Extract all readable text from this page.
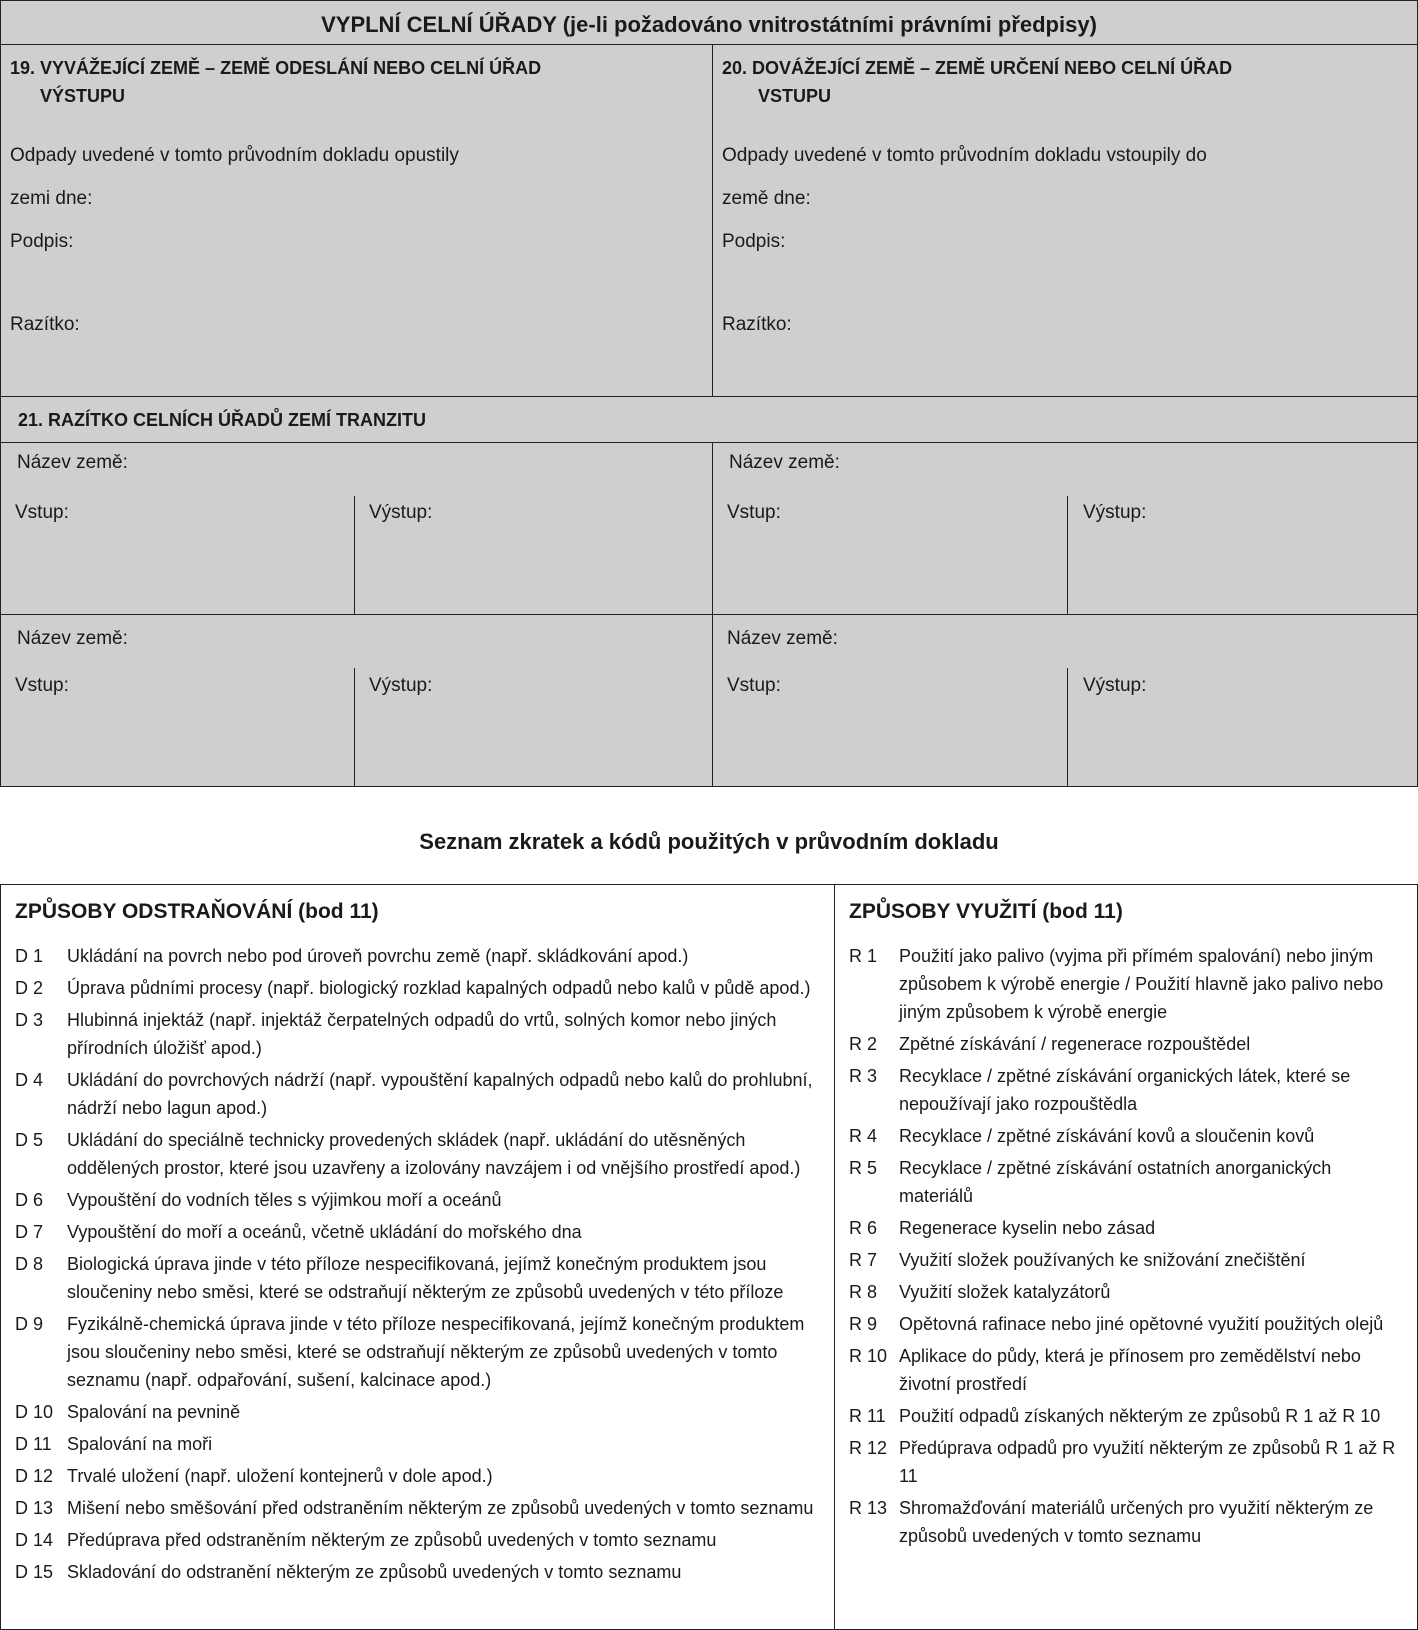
VYPLNÍ CELNÍ ÚŘADY (je-li požadováno vnitrostátními právními předpisy)
19. VYVÁŽEJÍCÍ ZEMĚ – ZEMĚ ODESLÁNÍ NEBO CELNÍ ÚŘAD
VÝSTUPU
Odpady uvedené v tomto průvodním dokladu opustily
zemi dne:
Podpis:
Razítko:
20. DOVÁŽEJÍCÍ ZEMĚ – ZEMĚ URČENÍ NEBO CELNÍ ÚŘAD
VSTUPU
Odpady uvedené v tomto průvodním dokladu vstoupily do
země dne:
Podpis:
Razítko:
21. RAZÍTKO CELNÍCH ÚŘADŮ ZEMÍ TRANZITU
Název země:
Vstup:	Výstup:
Název země:
Vstup:	Výstup:
Název země:
Vstup:	Výstup:
Název země:
Vstup:	Výstup:
Seznam zkratek a kódů použitých v průvodním dokladu
ZPŮSOBY ODSTRAŇOVÁNÍ (bod 11)
D 1	Ukládání na povrch nebo pod úroveň povrchu země (např. skládkování apod.)
D 2	Úprava půdními procesy (např. biologický rozklad kapalných odpadů nebo kalů v půdě apod.)
D 3	Hlubinná injektáž (např. injektáž čerpatelných odpadů do vrtů, solných komor nebo jiných přírodních úložišť apod.)
D 4	Ukládání do povrchových nádrží (např. vypouštění kapalných odpadů nebo kalů do prohlubní, nádrží nebo lagun apod.)
D 5	Ukládání do speciálně technicky provedených skládek (např. ukládání do utěsněných oddělených prostor, které jsou uzavřeny a izolovány navzájem i od vnějšího prostředí apod.)
D 6	Vypouštění do vodních těles s výjimkou moří a oceánů
D 7	Vypouštění do moří a oceánů, včetně ukládání do mořského dna
D 8	Biologická úprava jinde v této příloze nespecifikovaná, jejímž konečným produktem jsou sloučeniny nebo směsi, které se odstraňují některým ze způsobů uvedených v této příloze
D 9	Fyzikálně-chemická úprava jinde v této příloze nespecifikovaná, jejímž konečným produktem jsou sloučeniny nebo směsi, které se odstraňují některým ze způsobů uvedených v tomto seznamu (např. odpařování, sušení, kalcinace apod.)
D 10 Spalování na pevnině
D 11 Spalování na moři
D 12 Trvalé uložení (např. uložení kontejnerů v dole apod.)
D 13 Mišení nebo směšování před odstraněním některým ze způsobů uvedených v tomto seznamu
D 14 Předúprava před odstraněním některým ze způsobů uvedených v tomto seznamu
D 15 Skladování do odstranění některým ze způsobů uvedených v tomto seznamu
ZPŮSOBY VYUŽITÍ (bod 11)
R 1	Použití jako palivo (vyjma při přímém spalování) nebo jiným způsobem k výrobě energie / Použití hlavně jako palivo nebo jiným způsobem k výrobě energie
R 2	Zpětné získávání / regenerace rozpouštědel
R 3	Recyklace / zpětné získávání organických látek, které se nepoužívají jako rozpouštědla
R 4	Recyklace / zpětné získávání kovů a sloučenin kovů
R 5	Recyklace / zpětné získávání ostatních anorganických materiálů
R 6	Regenerace kyselin nebo zásad
R 7	Využití složek používaných ke snižování znečištění
R 8	Využití složek katalyzátorů
R 9	Opětovná rafinace nebo jiné opětovné využití použitých olejů
R 10 Aplikace do půdy, která je přínosem pro zemědělství nebo životní prostředí
R 11 Použití odpadů získaných některým ze způsobů R 1 až R 10
R 12 Předúprava odpadů pro využití některým ze způsobů R 1 až R 11
R 13 Shromažďování materiálů určených pro využití některým ze způsobů uvedených v tomto seznamu
